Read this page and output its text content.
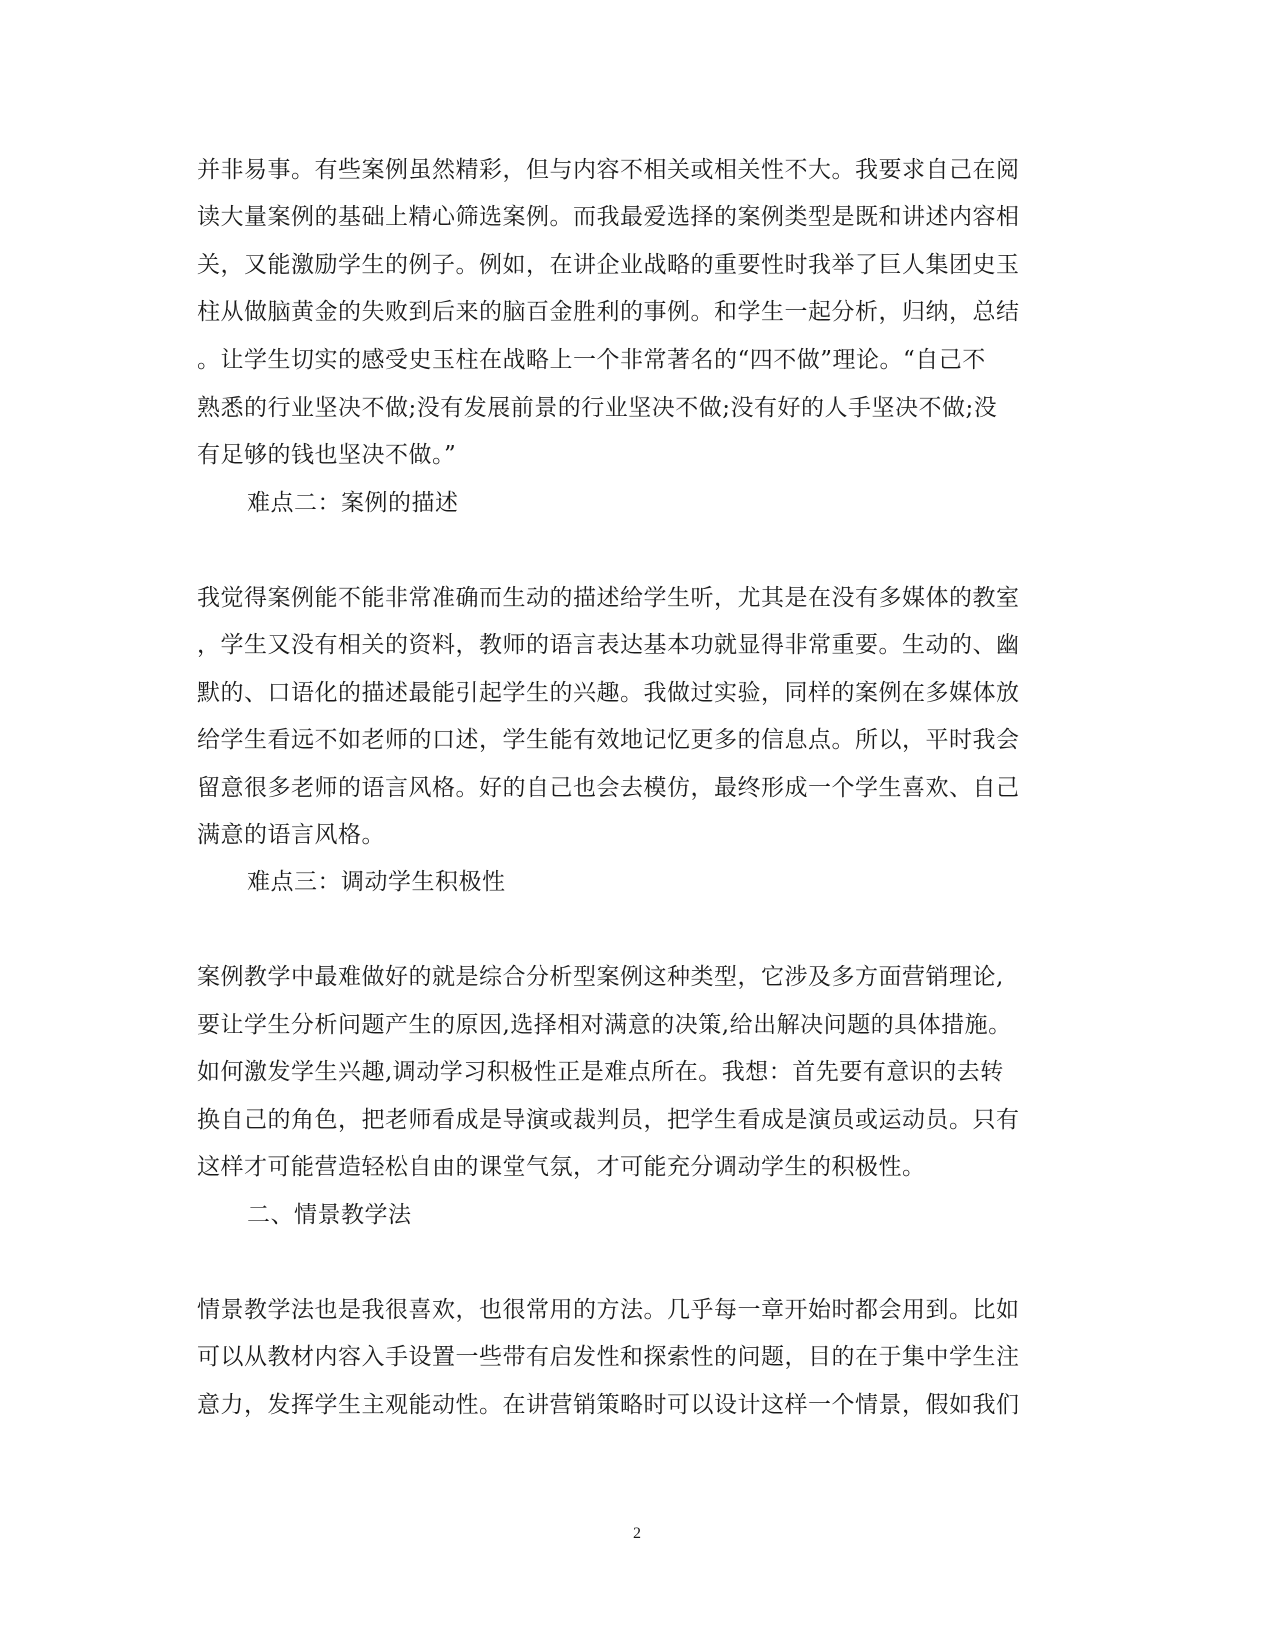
并非易事。有些案例虽然精彩，但与内容不相关或相关性不大。我要求自己在阅
读大量案例的基础上精心筛选案例。而我最爱选择的案例类型是既和讲述内容相
关，又能激励学生的例子。例如，在讲企业战略的重要性时我举了巨人集团史玉
柱从做脑黄金的失败到后来的脑百金胜利的事例。和学生一起分析，归纳，总结
。让学生切实的感受史玉柱在战略上一个非常著名的“四不做”理论。“自己不
熟悉的行业坚决不做;没有发展前景的行业坚决不做;没有好的人手坚决不做;没
有足够的钱也坚决不做。”
难点二：案例的描述
我觉得案例能不能非常准确而生动的描述给学生听，尤其是在没有多媒体的教室
，学生又没有相关的资料，教师的语言表达基本功就显得非常重要。生动的、幽
默的、口语化的描述最能引起学生的兴趣。我做过实验，同样的案例在多媒体放
给学生看远不如老师的口述，学生能有效地记忆更多的信息点。所以，平时我会
留意很多老师的语言风格。好的自己也会去模仿，最终形成一个学生喜欢、自己
满意的语言风格。
难点三：调动学生积极性
案例教学中最难做好的就是综合分析型案例这种类型，它涉及多方面营销理论,
要让学生分析问题产生的原因,选择相对满意的决策,给出解决问题的具体措施。
如何激发学生兴趣,调动学习积极性正是难点所在。我想：首先要有意识的去转
换自己的角色，把老师看成是导演或裁判员，把学生看成是演员或运动员。只有
这样才可能营造轻松自由的课堂气氛，才可能充分调动学生的积极性。
二、情景教学法
情景教学法也是我很喜欢，也很常用的方法。几乎每一章开始时都会用到。比如
可以从教材内容入手设置一些带有启发性和探索性的问题，目的在于集中学生注
意力，发挥学生主观能动性。在讲营销策略时可以设计这样一个情景，假如我们
2
